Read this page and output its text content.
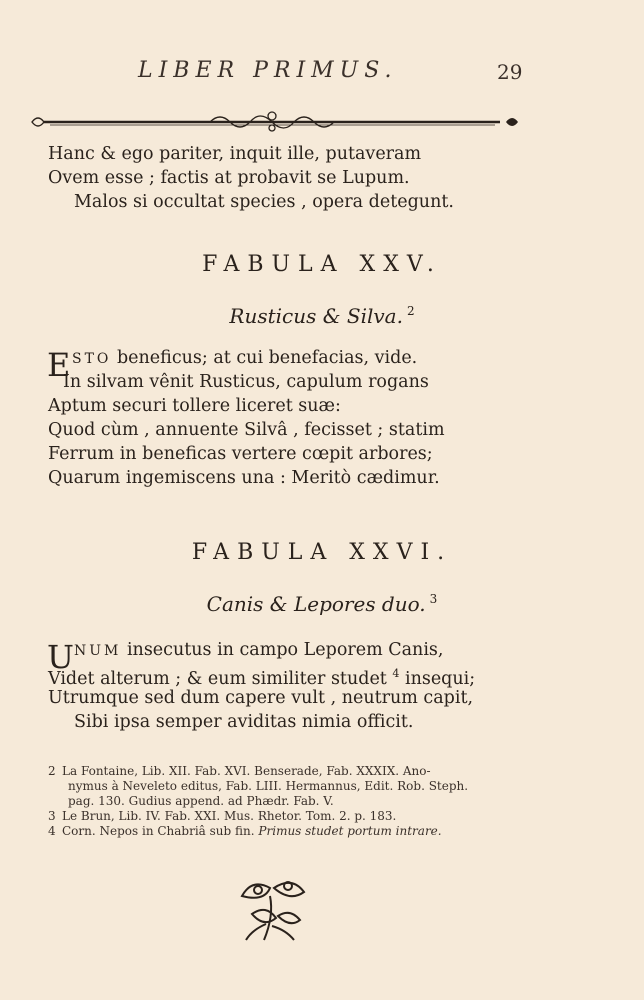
LIBER PRIMUS.	29
Hanc & ego pariter, inquit ille, putaveram
Ovem esse ; factis at probavit se Lupum.
Malos si occultat species , opera detegunt.
FABULA XXV.
Rusticus & Silva. $^2$
E STO beneficus; at cui benefacias, vide.
In silvam vênit Rusticus, capulum rogans
Aptum securi tollere liceret suæ:
Quod cùm , annuente Silvâ , fecisset ; statim
Ferrum in beneficas vertere cœpit arbores;
Quarum ingemiscens una : Meritò cædimur.
FABULA XXVI.
Canis & Lepores duo. $^3$
U NUM insecutus in campo Leporem Canis,
Videt alterum ; & eum similiter studet $^4$ insequi;
Utrumque sed dum capere vult , neutrum capit,
Sibi ipsa semper aviditas nimia officit.
2 La Fontaine, Lib. XII. Fab. XVI. Benserade, Fab. XXXIX. Ano-
nymus à Neveleto editus, Fab. LIII. Hermannus, Edit. Rob. Steph.
pag. 130. Gudius append. ad Phædr. Fab. V.
3 Le Brun, Lib. IV. Fab. XXI. Mus. Rhetor. Tom. 2. p. 183.
4 Corn. Nepos in Chabriâ sub fin. Primus studet portum intrare.
